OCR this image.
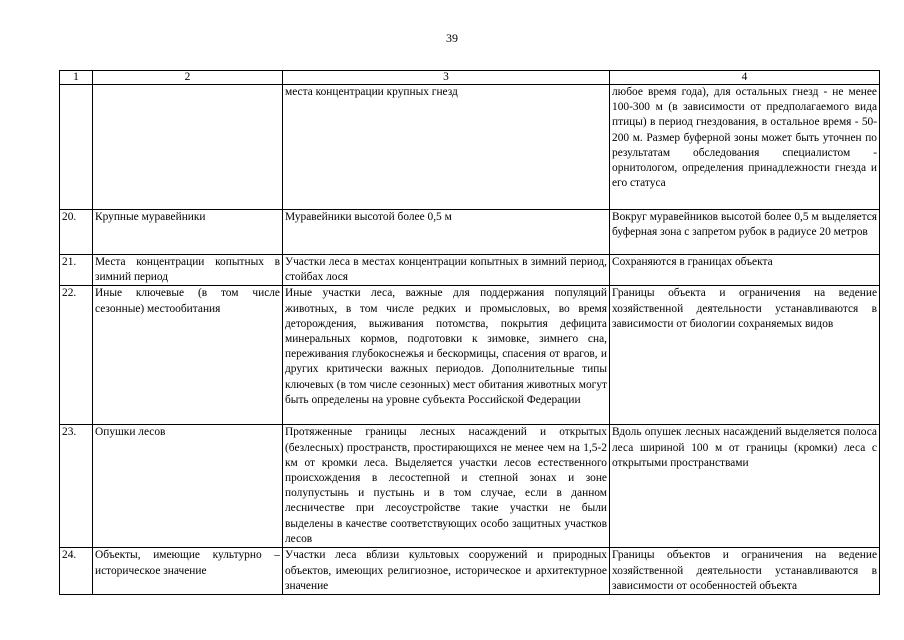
39
1	2	3	4
		места концентрации крупных гнезд	любое время года), для остальных гнезд - не менее 100-300 м (в зависимости от предполагаемого вида птицы) в период гнездования, в остальное время - 50-200 м. Размер буферной зоны может быть уточнен по результатам обследования специалистом - орнитологом, определения принадлежности гнезда и его статуса
20.	Крупные муравейники	Муравейники высотой более 0,5 м	Вокруг муравейников высотой более 0,5 м выделяется буферная зона с запретом рубок в радиусе 20 метров
21.	Места концентрации копытных в зимний период	Участки леса в местах концентрации копытных в зимний период, стойбах лося	Сохраняются в границах объекта
22.	Иные ключевые (в том числе сезонные) местообитания	Иные участки леса, важные для поддержания популяций животных, в том числе редких и промысловых, во время деторождения, выживания потомства, покрытия дефицита минеральных кормов, подготовки к зимовке, зимнего сна, переживания глубокоснежья и бескормицы, спасения от врагов, и других критически важных периодов. Дополнительные типы ключевых (в том числе сезонных) мест обитания животных могут быть определены на уровне субъекта Российской Федерации	Границы объекта и ограничения на ведение хозяйственной деятельности устанавливаются в зависимости от биологии сохраняемых видов
23.	Опушки лесов	Протяженные границы лесных насаждений и открытых (безлесных) пространств, простирающихся не менее чем на 1,5-2 км от кромки леса. Выделяется участки лесов естественного происхождения в лесостепной и степной зонах и зоне полупустынь и пустынь и в том случае, если в данном лесничестве при лесоустройстве такие участки не были выделены в качестве соответствующих особо защитных участков лесов	Вдоль опушек лесных насаждений выделяется полоса леса шириной 100 м от границы (кромки) леса с открытыми пространствами
24.	Объекты, имеющие культурно – историческое значение	Участки леса вблизи культовых сооружений и природных объектов, имеющих религиозное, историческое и архитектурное значение	Границы объектов и ограничения на ведение хозяйственной деятельности устанавливаются в зависимости от особенностей объекта
